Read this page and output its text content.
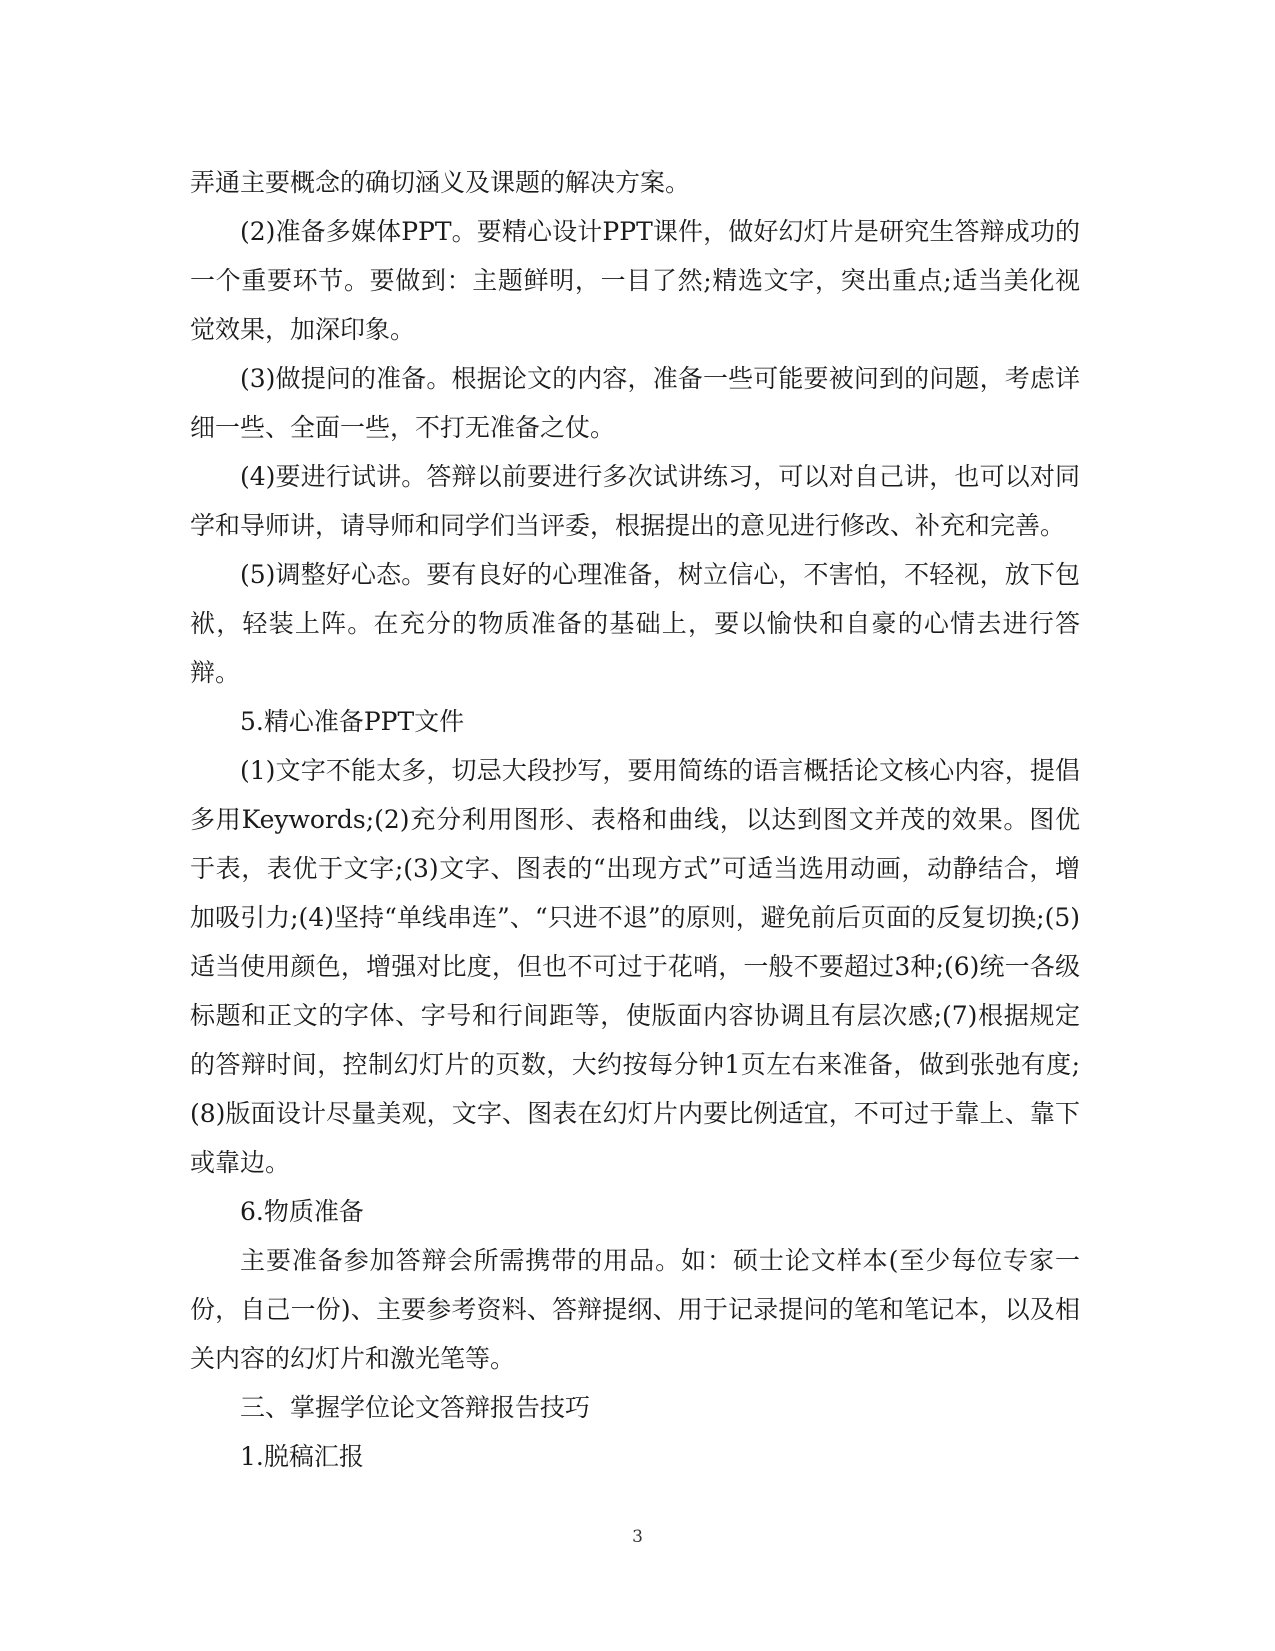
弄通主要概念的确切涵义及课题的解决方案。

(2)准备多媒体PPT。要精心设计PPT课件，做好幻灯片是研究生答辩成功的一个重要环节。要做到：主题鲜明，一目了然;精选文字，突出重点;适当美化视觉效果，加深印象。

(3)做提问的准备。根据论文的内容，准备一些可能要被问到的问题，考虑详细一些、全面一些，不打无准备之仗。

(4)要进行试讲。答辩以前要进行多次试讲练习，可以对自己讲，也可以对同学和导师讲，请导师和同学们当评委，根据提出的意见进行修改、补充和完善。

(5)调整好心态。要有良好的心理准备，树立信心，不害怕，不轻视，放下包袱，轻装上阵。在充分的物质准备的基础上，要以愉快和自豪的心情去进行答辩。

5.精心准备PPT文件

(1)文字不能太多，切忌大段抄写，要用简练的语言概括论文核心内容，提倡多用Keywords;(2)充分利用图形、表格和曲线，以达到图文并茂的效果。图优于表，表优于文字;(3)文字、图表的“出现方式”可适当选用动画，动静结合，增加吸引力;(4)坚持“单线串连”、“只进不退”的原则，避免前后页面的反复切换;(5)适当使用颜色，增强对比度，但也不可过于花哨，一般不要超过3种;(6)统一各级标题和正文的字体、字号和行间距等，使版面内容协调且有层次感;(7)根据规定的答辩时间，控制幻灯片的页数，大约按每分钟1页左右来准备，做到张弛有度;(8)版面设计尽量美观，文字、图表在幻灯片内要比例适宜，不可过于靠上、靠下或靠边。

6.物质准备

主要准备参加答辩会所需携带的用品。如：硕士论文样本(至少每位专家一份，自己一份)、主要参考资料、答辩提纲、用于记录提问的笔和笔记本，以及相关内容的幻灯片和激光笔等。

三、掌握学位论文答辩报告技巧

1.脱稿汇报

3
